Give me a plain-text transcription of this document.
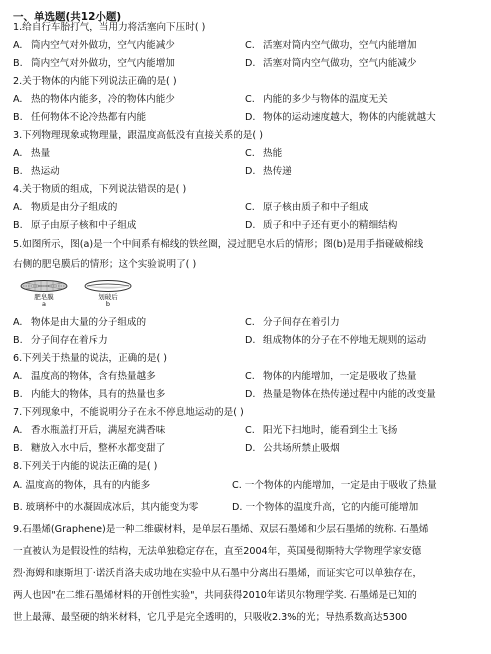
一、单选题(共12小题)
1.给自行车胎打气，当用力将活塞向下压时( )
A. 筒内空气对外做功，空气内能减少	C. 活塞对筒内空气做功，空气内能增加
B. 筒内空气对外做功，空气内能增加	D. 活塞对筒内空气做功，空气内能减少
2.关于物体的内能下列说法正确的是( )
A. 热的物体内能多，冷的物体内能少	C. 内能的多少与物体的温度无关
B. 任何物体不论冷热都有内能	D. 物体的运动速度越大，物体的内能就越大
3.下列物理现象或物理量，跟温度高低没有直接关系的是( )
A. 热量	C. 热能
B. 热运动	D. 热传递
4.关于物质的组成，下列说法错误的是( )
A. 物质是由分子组成的	C. 原子核由质子和中子组成
B. 原子由原子核和中子组成	D. 质子和中子还有更小的精细结构
5.如图所示，图(a)是一个中间系有棉线的铁丝圈，浸过肥皂水后的情形；图(b)是用手指碰破棉线
右侧的肥皂膜后的情形；这个实验说明了( )
肥皂膜
a
划破后
b
A. 物体是由大量的分子组成的	C. 分子间存在着引力
B. 分子间存在着斥力	D. 组成物体的分子在不停地无规则的运动
6.下列关于热量的说法，正确的是( )
A. 温度高的物体，含有热量越多	C. 物体的内能增加，一定是吸收了热量
B. 内能大的物体，具有的热量也多	D. 热量是物体在热传递过程中内能的改变量
7.下列现象中，不能说明分子在永不停息地运动的是( )
A. 香水瓶盖打开后，满屋充满香味	C. 阳光下扫地时，能看到尘土飞扬
B. 糖放入水中后，整杯水都变甜了	D. 公共场所禁止吸烟
8.下列关于内能的说法正确的是( )
A. 温度高的物体，具有的内能多	C. 一个物体的内能增加，一定是由于吸收了热量
B. 玻璃杯中的水凝固成冰后，其内能变为零	D. 一个物体的温度升高，它的内能可能增加
9.石墨烯(Graphene)是一种二维碳材料，是单层石墨烯、双层石墨烯和少层石墨烯的统称. 石墨烯
一直被认为是假设性的结构，无法单独稳定存在，直至2004年，英国曼彻斯特大学物理学家安德
烈·海姆和康斯坦丁·诺沃肖洛夫成功地在实验中从石墨中分离出石墨烯，而证实它可以单独存在，
两人也因"在二维石墨烯材料的开创性实验"，共同获得2010年诺贝尔物理学奖. 石墨烯是已知的
世上最薄、最坚硬的纳米材料，它几乎是完全透明的，只吸收2.3%的光；导热系数高达5300
